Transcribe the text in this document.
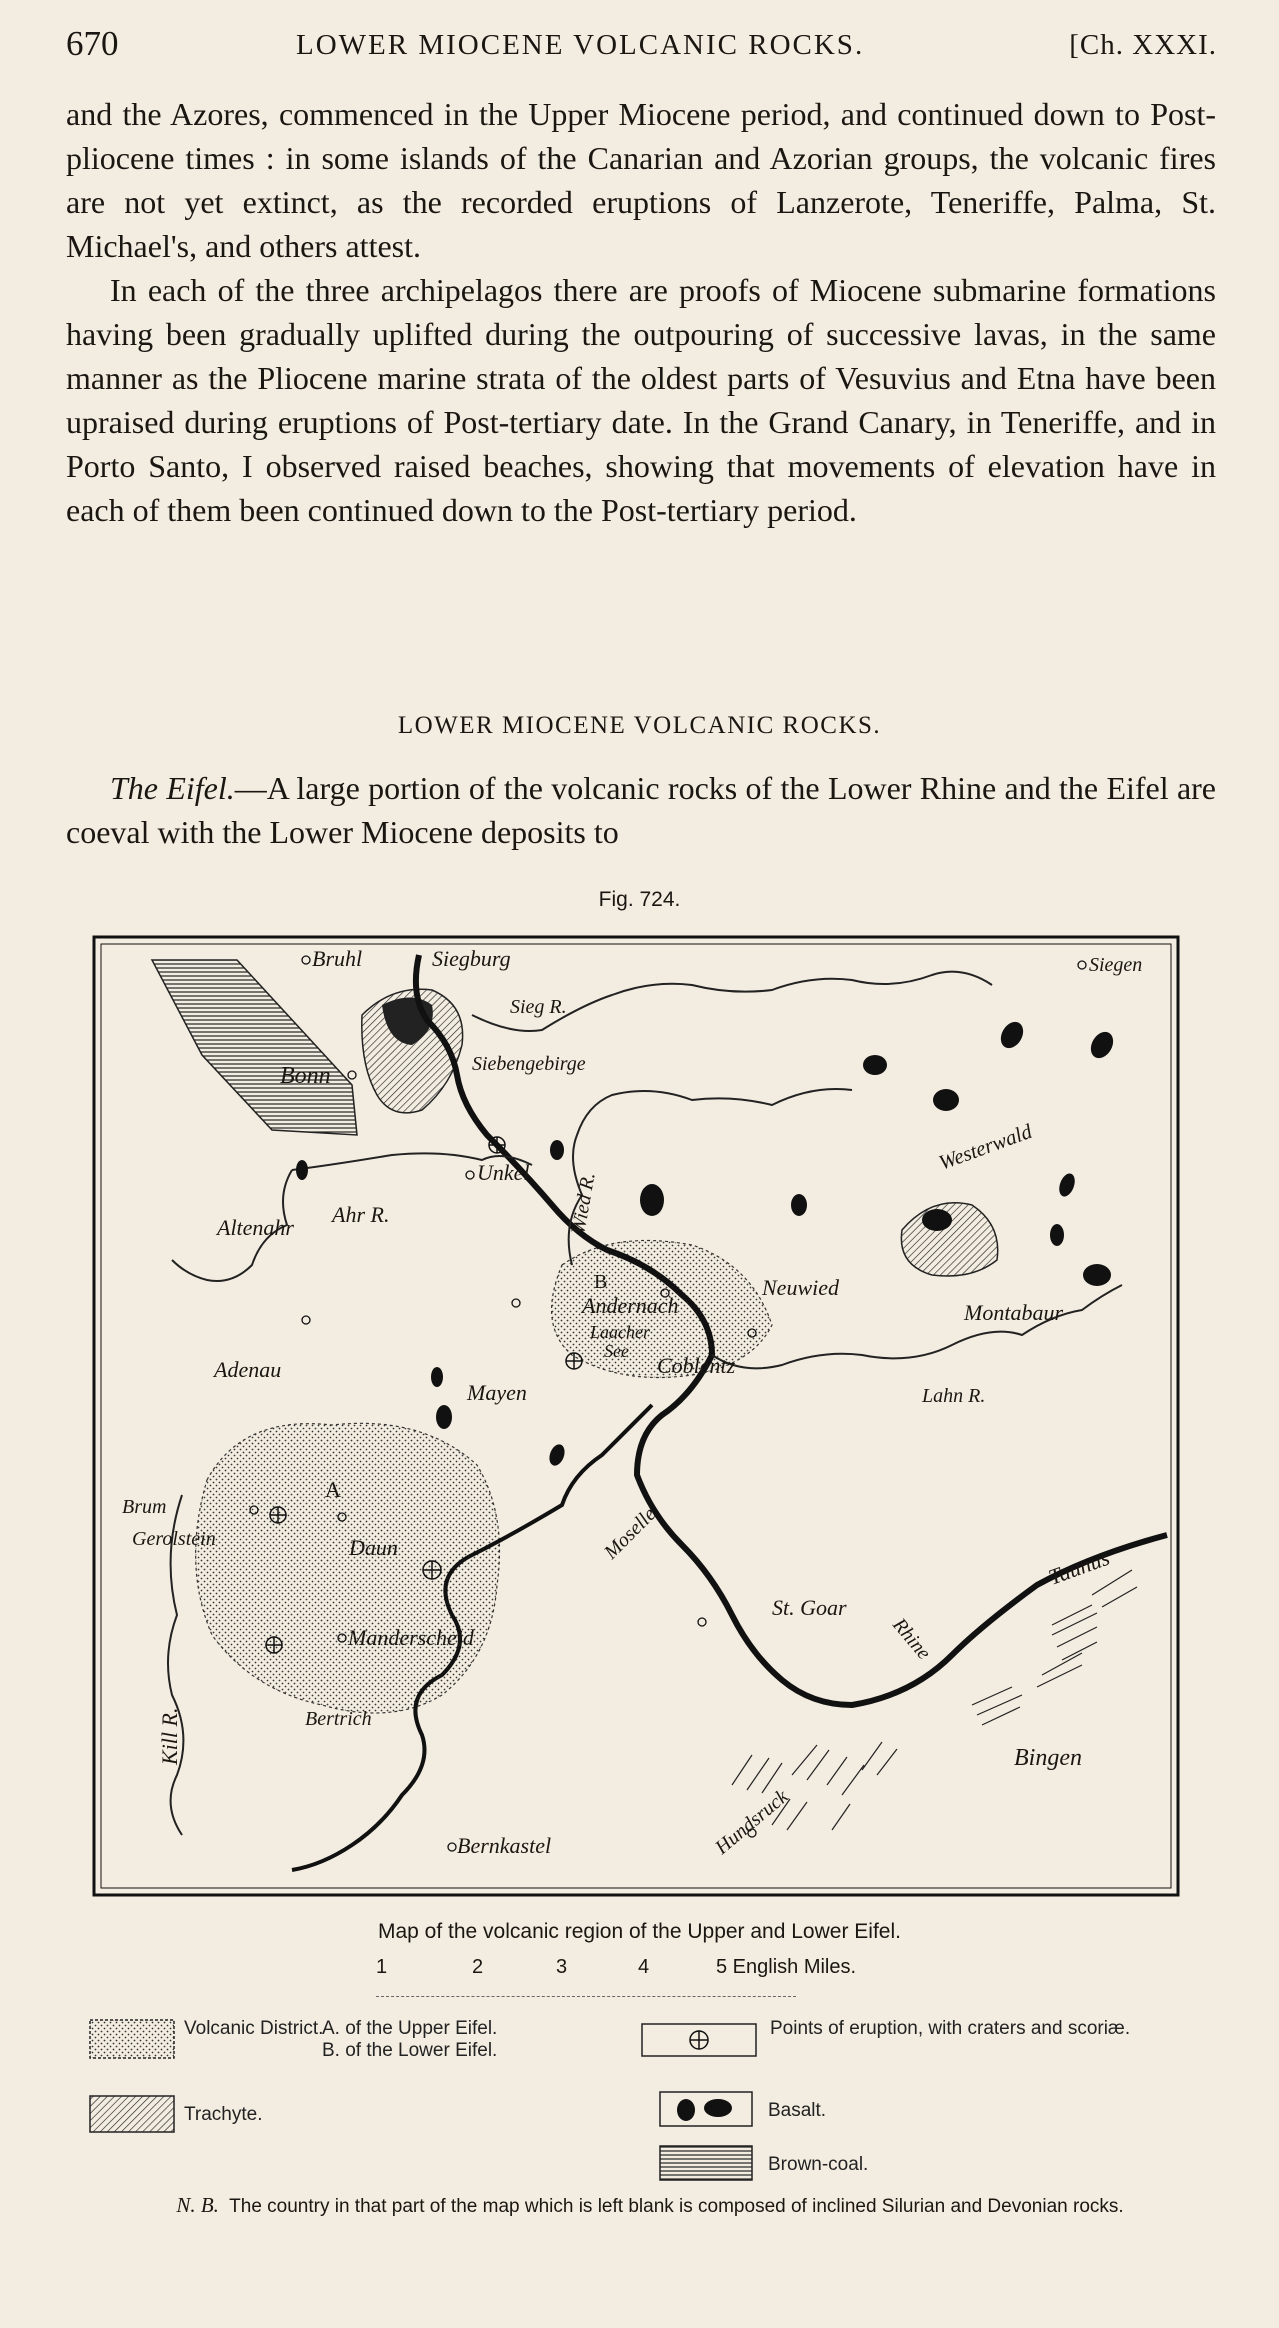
670	LOWER MIOCENE VOLCANIC ROCKS.	[Ch. XXXI.

and the Azores, commenced in the Upper Miocene period, and continued down to Post-pliocene times : in some islands of the Canarian and Azorian groups, the volcanic fires are not yet extinct, as the recorded eruptions of Lanzerote, Teneriffe, Palma, St. Michael's, and others attest.

In each of the three archipelagos there are proofs of Miocene submarine formations having been gradually uplifted during the outpouring of successive lavas, in the same manner as the Pliocene marine strata of the oldest parts of Vesuvius and Etna have been upraised during eruptions of Post-tertiary date. In the Grand Canary, in Teneriffe, and in Porto Santo, I observed raised beaches, showing that movements of elevation have in each of them been continued down to the Post-tertiary period.

LOWER MIOCENE VOLCANIC ROCKS.

The Eifel.—A large portion of the volcanic rocks of the Lower Rhine and the Eifel are coeval with the Lower Miocene deposits to

Fig. 724.
Bruhl	Siegburg	Siegen
Sieg R.
Siebengebirge
Bonn
Westerwald
Unkel Wied R.
Altenahr
Ahr R.
B
Andernach
Neuwied
Montabaur
Laacher
See
Coblentz
Adenau
Mayen	Lahn R.
A
Brum
Gerolstein	Daun	Moselle
St. Goar
Taunus
Rhine
Manderscheid
Bertrich
Kill R.
Hundsruck
Bernkastel
Bingen
Map of the volcanic region of the Upper and Lower Eifel.
1	2	3	4	5 English Miles.
Volcanic District.
A. of the Upper Eifel.
B. of the Lower Eifel.
Points of eruption, with craters and scoriæ.
Trachyte.	Basalt.
Brown-coal.
N. B. The country in that part of the map which is left blank is composed of inclined Silurian and Devonian rocks.
